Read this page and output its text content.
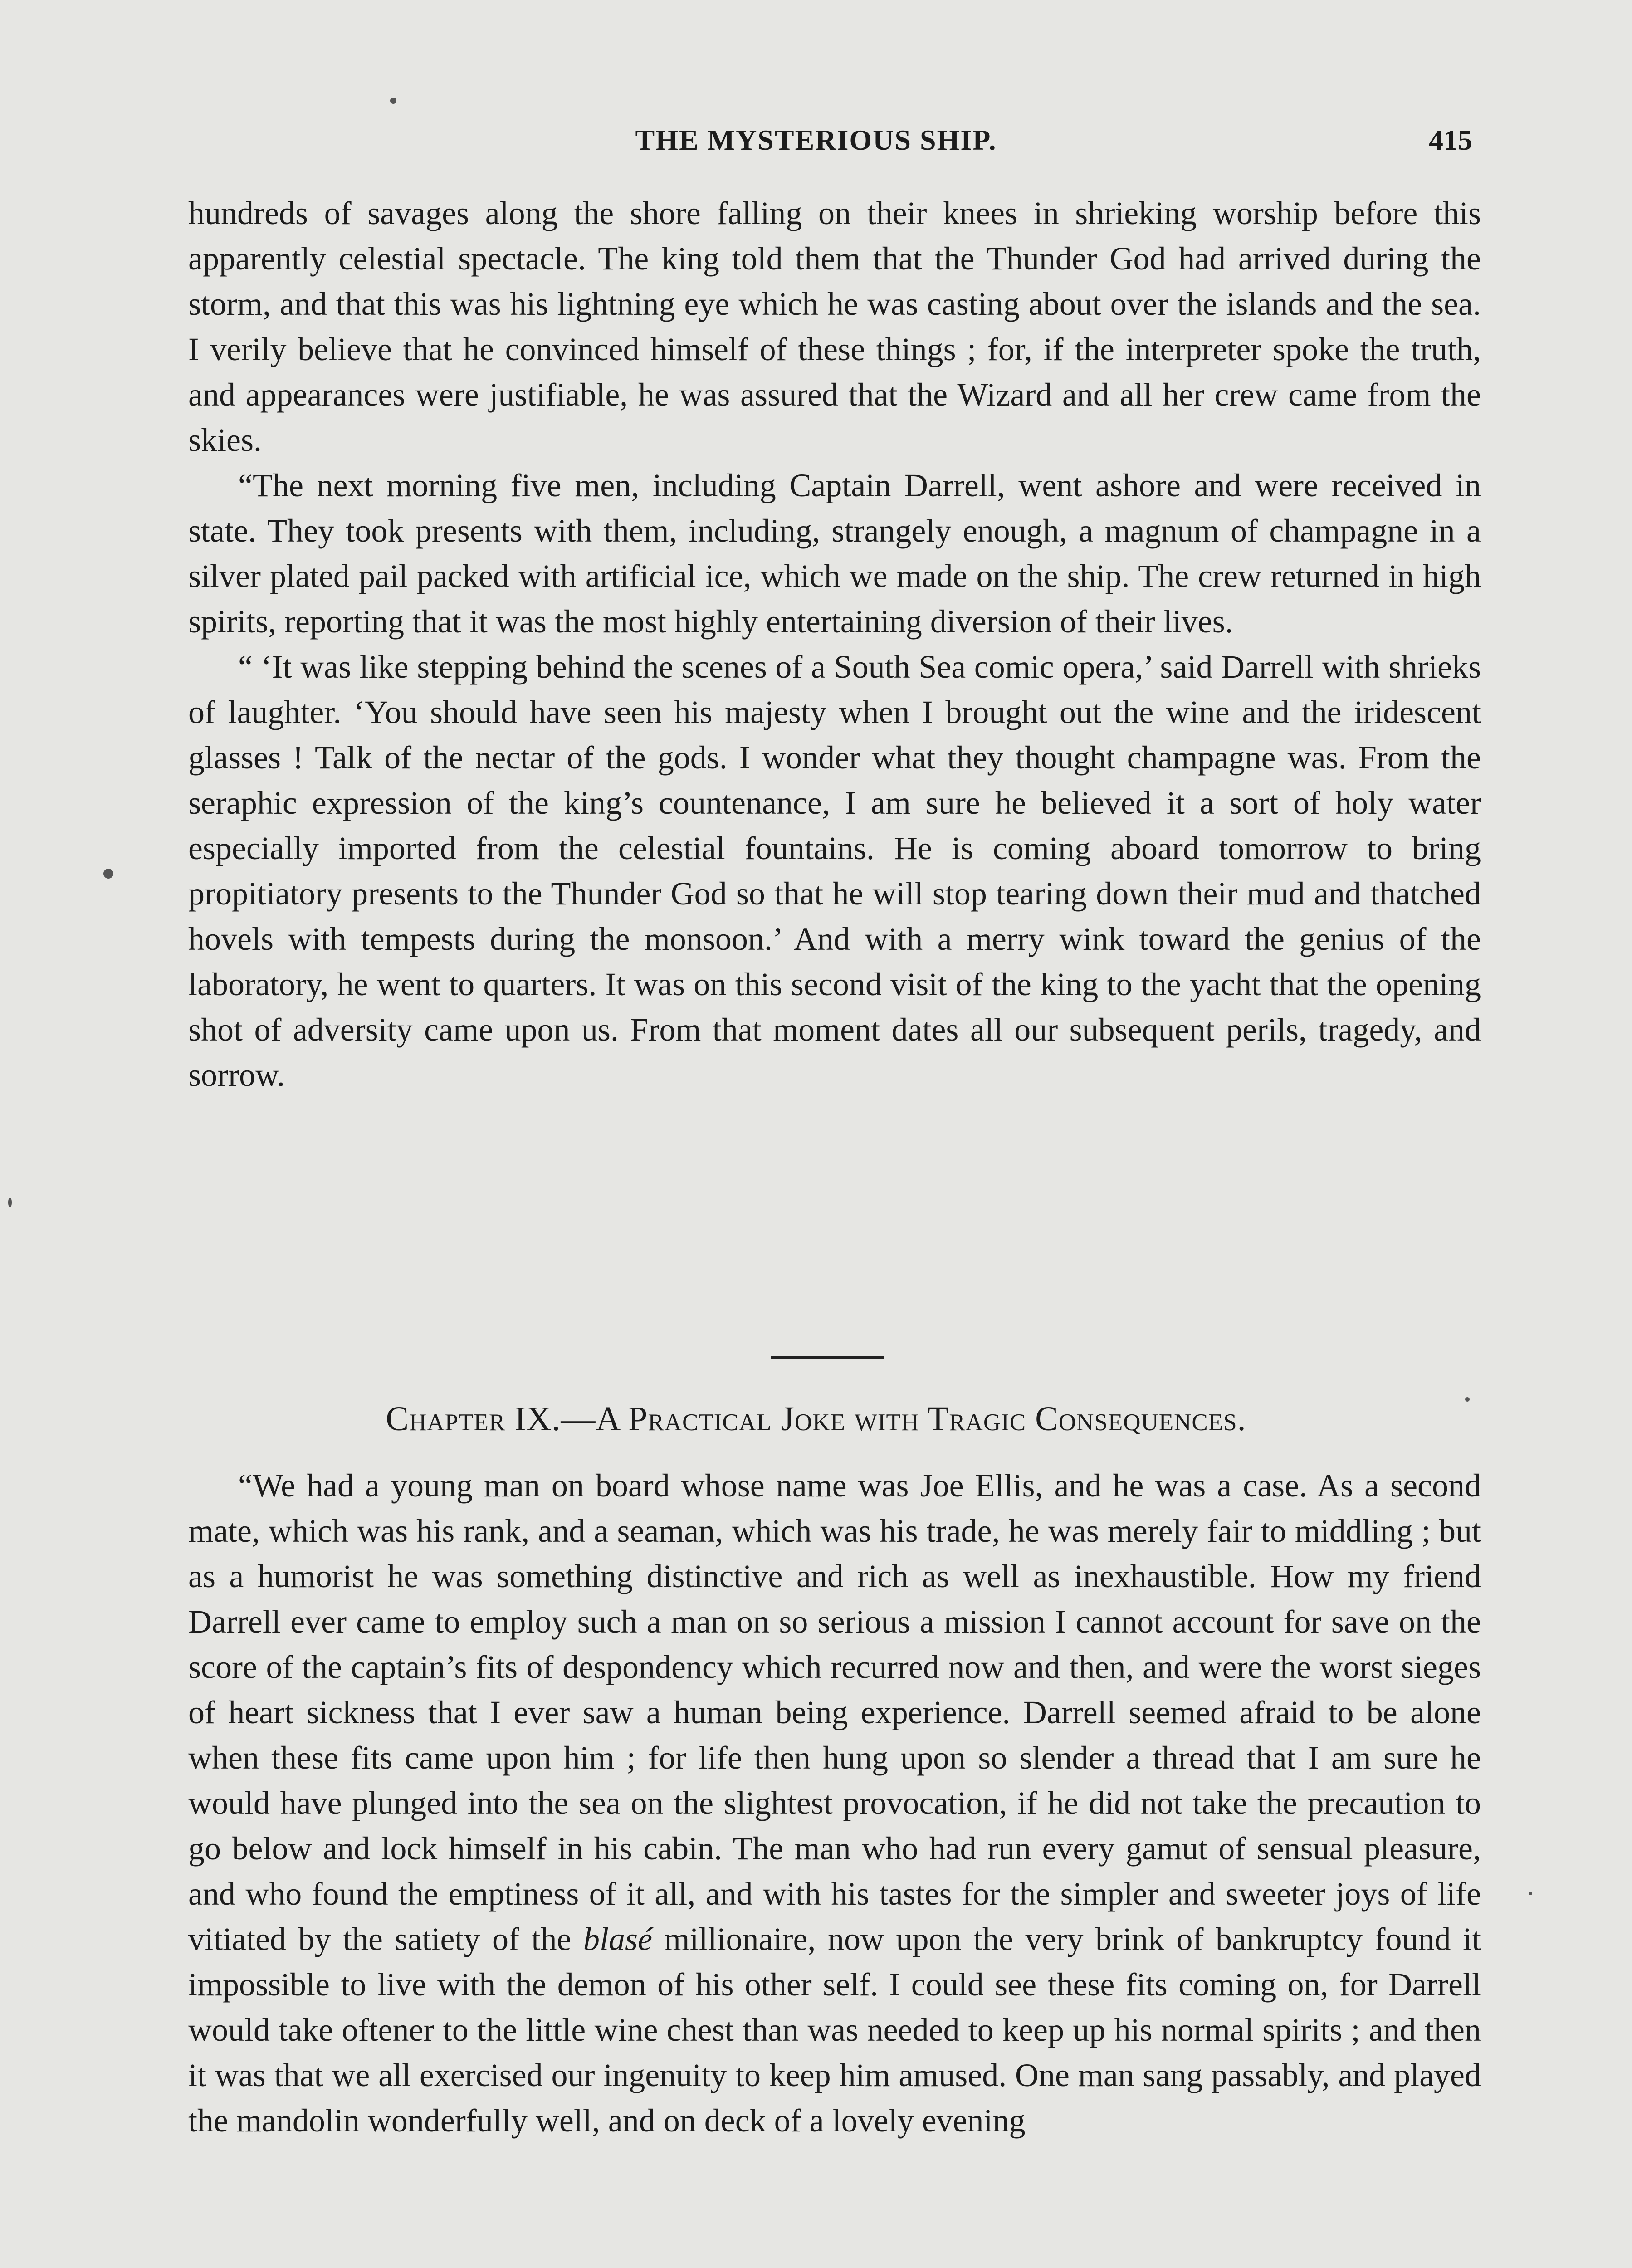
THE MYSTERIOUS SHIP.	415

hundreds of savages along the shore falling on their knees in shrieking worship before this apparently celestial spectacle. The king told them that the Thunder God had arrived during the storm, and that this was his lightning eye which he was casting about over the islands and the sea. I verily believe that he convinced himself of these things ; for, if the interpreter spoke the truth, and appearances were justifiable, he was assured that the Wizard and all her crew came from the skies.

“The next morning five men, including Captain Darrell, went ashore and were received in state. They took presents with them, including, strangely enough, a magnum of champagne in a silver plated pail packed with artificial ice, which we made on the ship. The crew returned in high spirits, reporting that it was the most highly entertaining diversion of their lives.

“ ‘It was like stepping behind the scenes of a South Sea comic opera,’ said Darrell with shrieks of laughter. ‘You should have seen his majesty when I brought out the wine and the iridescent glasses ! Talk of the nectar of the gods. I wonder what they thought champagne was. From the seraphic expression of the king’s countenance, I am sure he believed it a sort of holy water especially imported from the celestial fountains. He is coming aboard tomorrow to bring propitiatory presents to the Thunder God so that he will stop tearing down their mud and thatched hovels with tempests during the monsoon.’ And with a merry wink toward the genius of the laboratory, he went to quarters. It was on this second visit of the king to the yacht that the opening shot of adversity came upon us. From that moment dates all our subsequent perils, tragedy, and sorrow.

Chapter IX.—A Practical Joke with Tragic Consequences.

“We had a young man on board whose name was Joe Ellis, and he was a case. As a second mate, which was his rank, and a seaman, which was his trade, he was merely fair to middling ; but as a humorist he was something distinctive and rich as well as inexhaustible. How my friend Darrell ever came to employ such a man on so serious a mission I cannot account for save on the score of the captain’s fits of despondency which recurred now and then, and were the worst sieges of heart sickness that I ever saw a human being experience. Darrell seemed afraid to be alone when these fits came upon him ; for life then hung upon so slender a thread that I am sure he would have plunged into the sea on the slightest provocation, if he did not take the precaution to go below and lock himself in his cabin. The man who had run every gamut of sensual pleasure, and who found the emptiness of it all, and with his tastes for the simpler and sweeter joys of life vitiated by the satiety of the blasé millionaire, now upon the very brink of bankruptcy found it impossible to live with the demon of his other self. I could see these fits coming on, for Darrell would take oftener to the little wine chest than was needed to keep up his normal spirits ; and then it was that we all exercised our ingenuity to keep him amused. One man sang passably, and played the mandolin wonderfully well, and on deck of a lovely evening
